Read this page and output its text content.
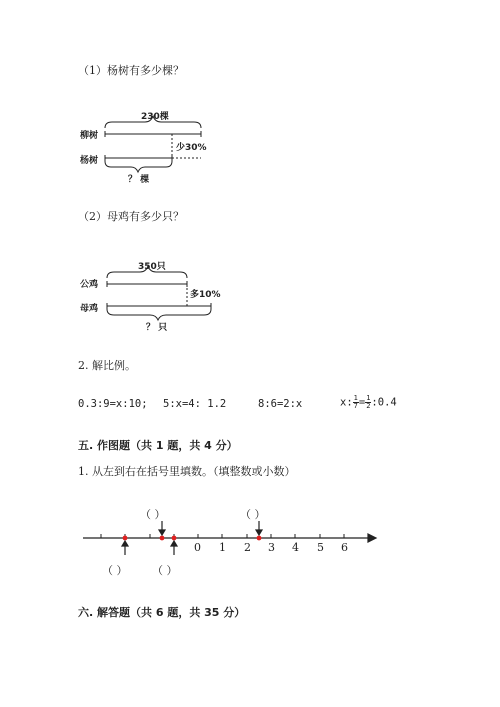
（1）杨树有多少棵？
230棵
柳树
杨树
少30%
？ 棵
（2）母鸡有多少只？
350只
公鸡
母鸡
多10%
？ 只
2. 解比例。
0.3:9=x:10; 5:x=4: 1.2	8:6=2:x	x: $\frac{1}{7} = \frac{1}{2}$ :0.4
五. 作图题（共 1 题，共 4 分）
1. 从左到右在括号里填数。（填整数或小数）
（ ）	（ ）
（ ） （ ）
0 1 2 3 4 5 6
六. 解答题（共 6 题，共 35 分）
